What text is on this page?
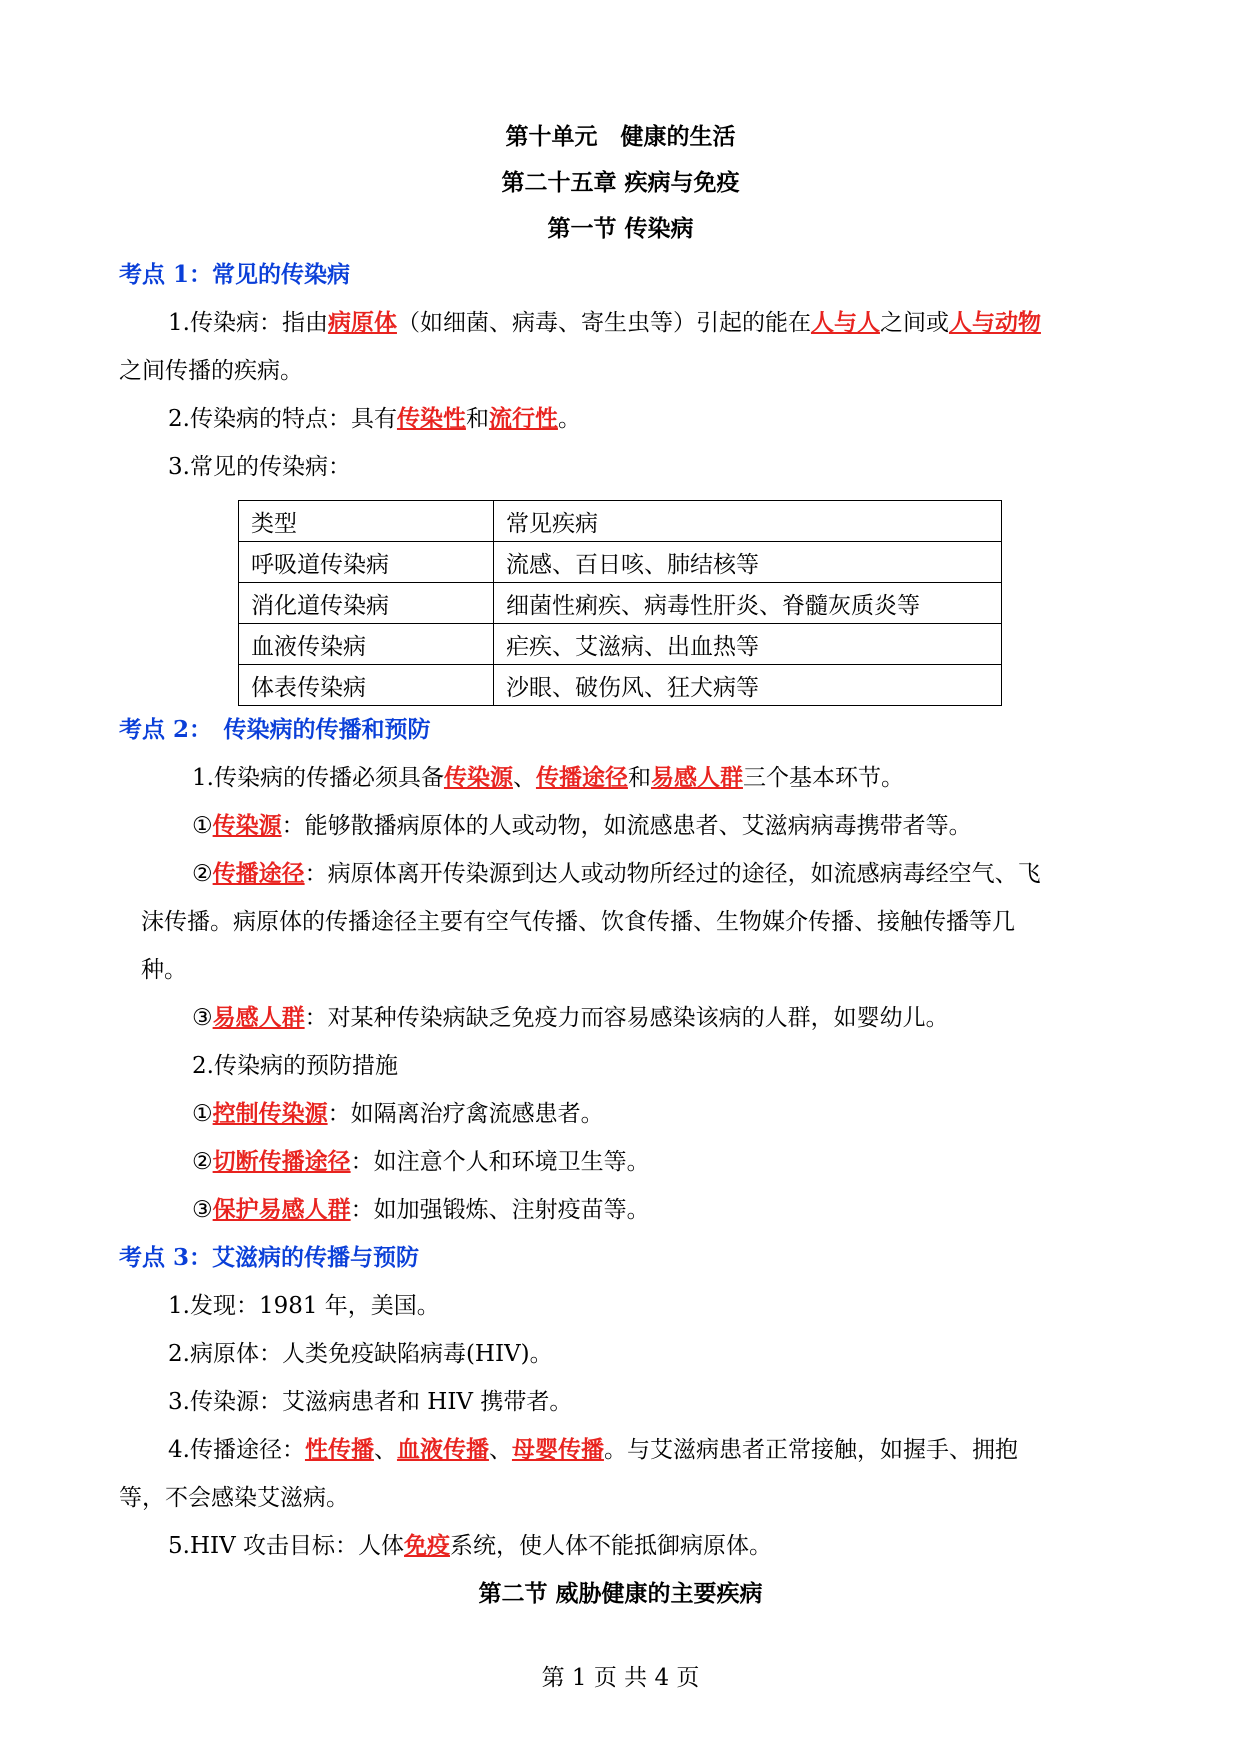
第十单元　健康的生活
第二十五章 疾病与免疫
第一节 传染病
考点 1：常见的传染病
1.传染病：指由病原体（如细菌、病毒、寄生虫等）引起的能在人与人之间或人与动物
之间传播的疾病。
2.传染病的特点：具有传染性和流行性。
3.常见的传染病：
类型	常见疾病
呼吸道传染病	流感、百日咳、肺结核等
消化道传染病	细菌性痢疾、病毒性肝炎、脊髓灰质炎等
血液传染病	疟疾、艾滋病、出血热等
体表传染病	沙眼、破伤风、狂犬病等
考点 2：　传染病的传播和预防
1.传染病的传播必须具备传染源、传播途径和易感人群三个基本环节。
①传染源：能够散播病原体的人或动物，如流感患者、艾滋病病毒携带者等。
②传播途径：病原体离开传染源到达人或动物所经过的途径，如流感病毒经空气、飞
沫传播。病原体的传播途径主要有空气传播、饮食传播、生物媒介传播、接触传播等几
种。
③易感人群：对某种传染病缺乏免疫力而容易感染该病的人群，如婴幼儿。
2.传染病的预防措施
①控制传染源：如隔离治疗禽流感患者。
②切断传播途径：如注意个人和环境卫生等。
③保护易感人群：如加强锻炼、注射疫苗等。
考点 3：艾滋病的传播与预防
1.发现：1981 年，美国。
2.病原体：人类免疫缺陷病毒(HIV)。
3.传染源：艾滋病患者和 HIV 携带者。
4.传播途径：性传播、血液传播、母婴传播。与艾滋病患者正常接触，如握手、拥抱
等，不会感染艾滋病。
5.HIV 攻击目标：人体免疫系统，使人体不能抵御病原体。
第二节 威胁健康的主要疾病
第 1 页 共 4 页
